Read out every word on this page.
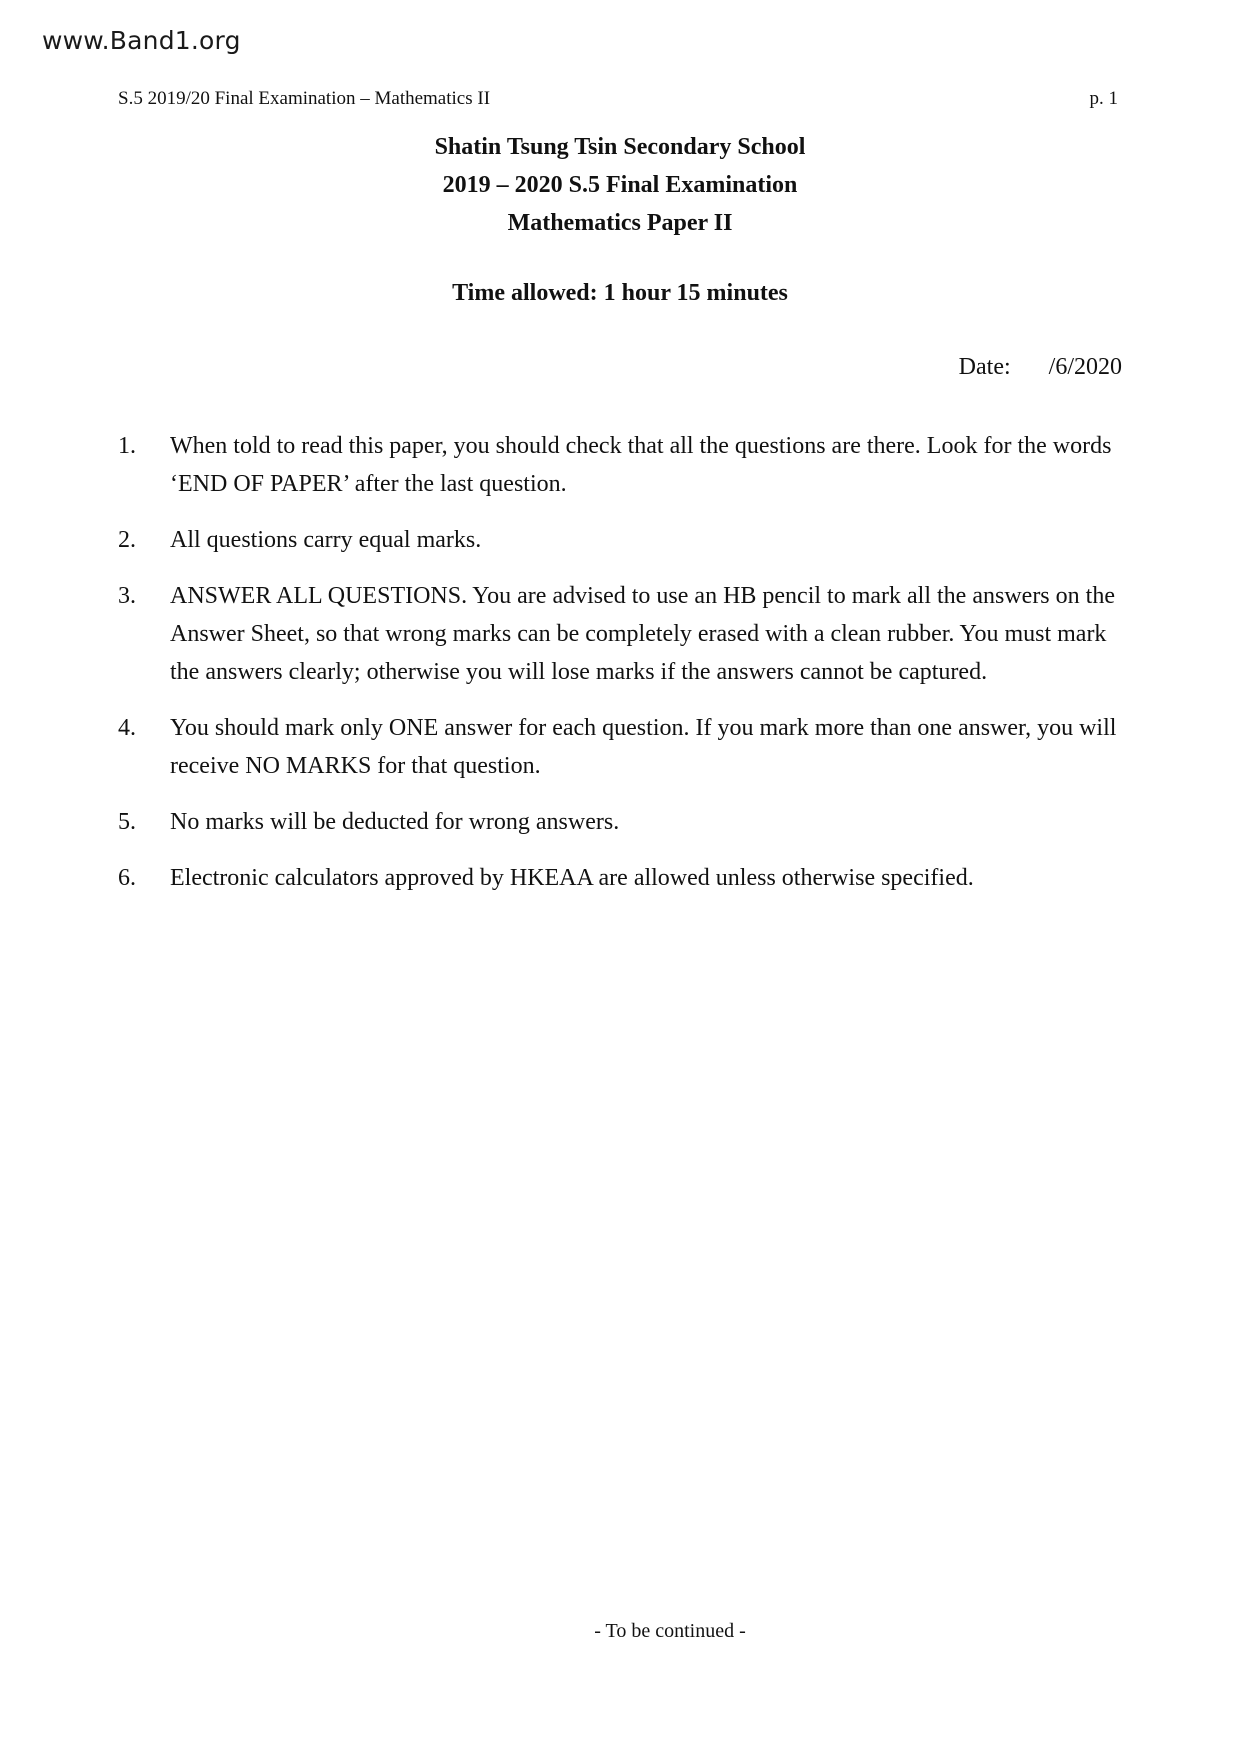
www.Band1.org
S.5 2019/20 Final Examination – Mathematics II	p. 1
Shatin Tsung Tsin Secondary School
2019 – 2020 S.5 Final Examination
Mathematics Paper II
Time allowed: 1 hour 15 minutes
Date: /6/2020
1.	When told to read this paper, you should check that all the questions are there. Look for the words ‘END OF PAPER’ after the last question.
2.	All questions carry equal marks.
3.	ANSWER ALL QUESTIONS. You are advised to use an HB pencil to mark all the answers on the Answer Sheet, so that wrong marks can be completely erased with a clean rubber. You must mark the answers clearly; otherwise you will lose marks if the answers cannot be captured.
4.	You should mark only ONE answer for each question. If you mark more than one answer, you will receive NO MARKS for that question.
5.	No marks will be deducted for wrong answers.
6.	Electronic calculators approved by HKEAA are allowed unless otherwise specified.
- To be continued -
